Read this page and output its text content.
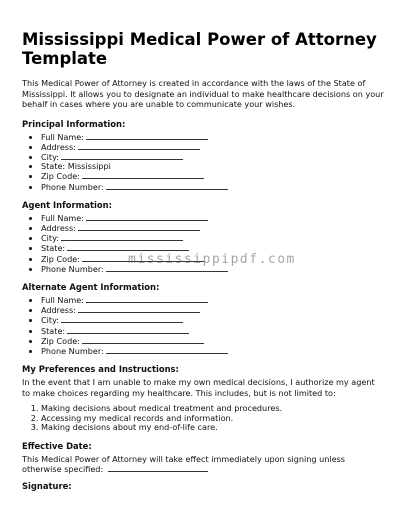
Mississippi Medical Power of Attorney Template

This Medical Power of Attorney is created in accordance with the laws of the State of Mississippi. It allows you to designate an individual to make healthcare decisions on your behalf in cases where you are unable to communicate your wishes.

Principal Information:
• Full Name:
• Address:
• City:
• State: Mississippi
• Zip Code:
• Phone Number:
Agent Information:
• Full Name:
• Address:
• City:
• State:
• Zip Code:
• Phone Number:
Alternate Agent Information:
• Full Name:
• Address:
• City:
• State:
• Zip Code:
• Phone Number:
My Preferences and Instructions:

In the event that I am unable to make my own medical decisions, I authorize my agent to make choices regarding my healthcare. This includes, but is not limited to:

1. Making decisions about medical treatment and procedures.
2. Accessing my medical records and information.
3. Making decisions about my end-of-life care.
Effective Date:

This Medical Power of Attorney will take effect immediately upon signing unless otherwise specified:

Signature:
mississippipdf.com
